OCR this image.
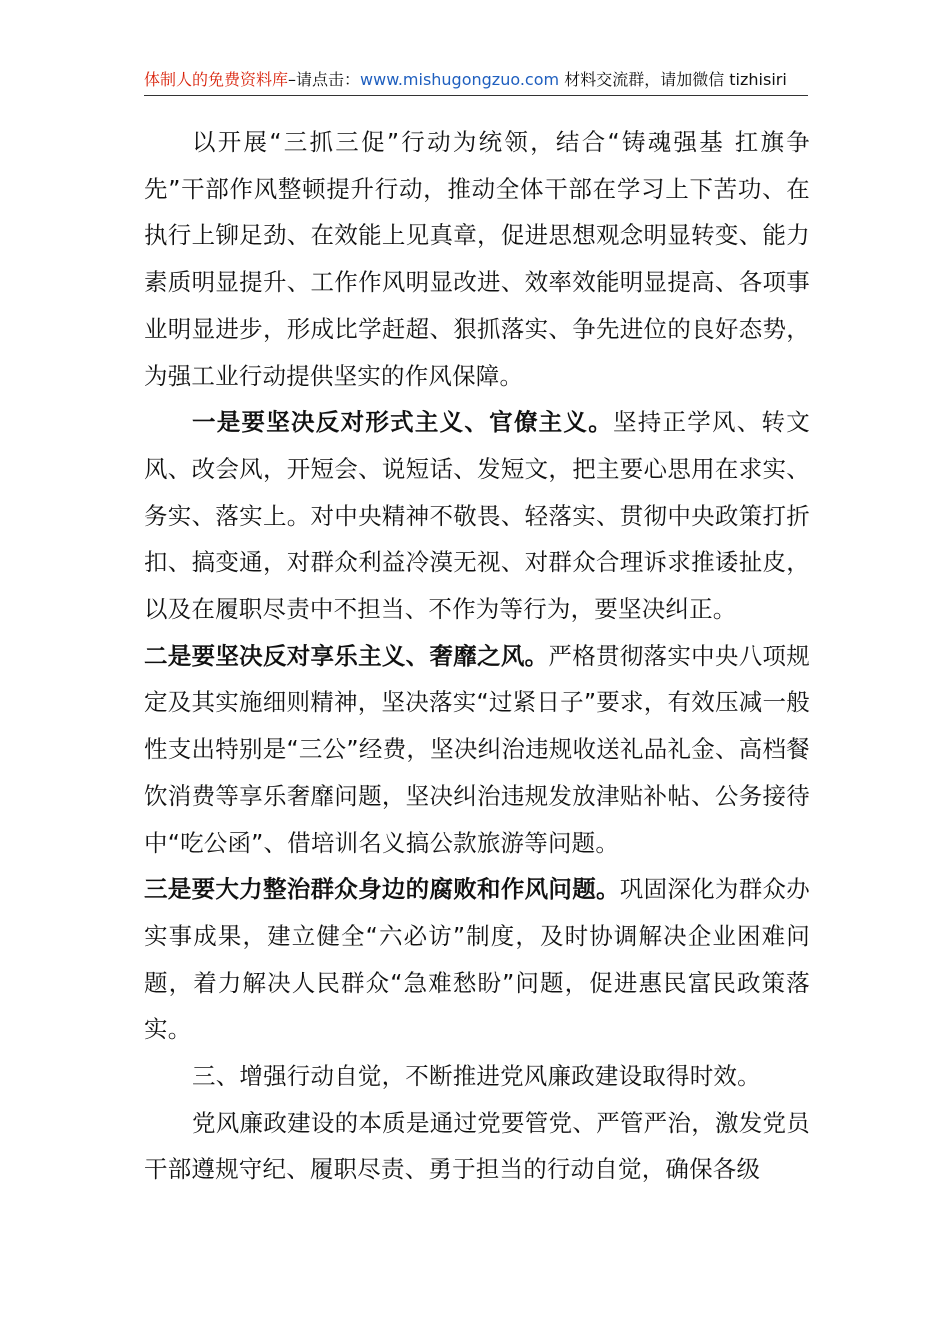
体制人的免费资料库–请点击：www.mishugongzuo.com 材料交流群，请加微信 tizhisiri

以开展“三抓三促”行动为统领，结合“铸魂强基 扛旗争先”干部作风整顿提升行动，推动全体干部在学习上下苦功、在执行上铆足劲、在效能上见真章，促进思想观念明显转变、能力素质明显提升、工作作风明显改进、效率效能明显提高、各项事业明显进步，形成比学赶超、狠抓落实、争先进位的良好态势，为强工业行动提供坚实的作风保障。

一是要坚决反对形式主义、官僚主义。坚持正学风、转文风、改会风，开短会、说短话、发短文，把主要心思用在求实、务实、落实上。对中央精神不敬畏、轻落实、贯彻中央政策打折扣、搞变通，对群众利益冷漠无视、对群众合理诉求推诿扯皮，以及在履职尽责中不担当、不作为等行为，要坚决纠正。

二是要坚决反对享乐主义、奢靡之风。严格贯彻落实中央八项规定及其实施细则精神，坚决落实“过紧日子”要求，有效压减一般性支出特别是“三公”经费，坚决纠治违规收送礼品礼金、高档餐饮消费等享乐奢靡问题，坚决纠治违规发放津贴补帖、公务接待中“吃公函”、借培训名义搞公款旅游等问题。

三是要大力整治群众身边的腐败和作风问题。巩固深化为群众办实事成果，建立健全“六必访”制度，及时协调解决企业困难问题，着力解决人民群众“急难愁盼”问题，促进惠民富民政策落实。

三、增强行动自觉，不断推进党风廉政建设取得时效。

党风廉政建设的本质是通过党要管党、严管严治，激发党员干部遵规守纪、履职尽责、勇于担当的行动自觉，确保各级
